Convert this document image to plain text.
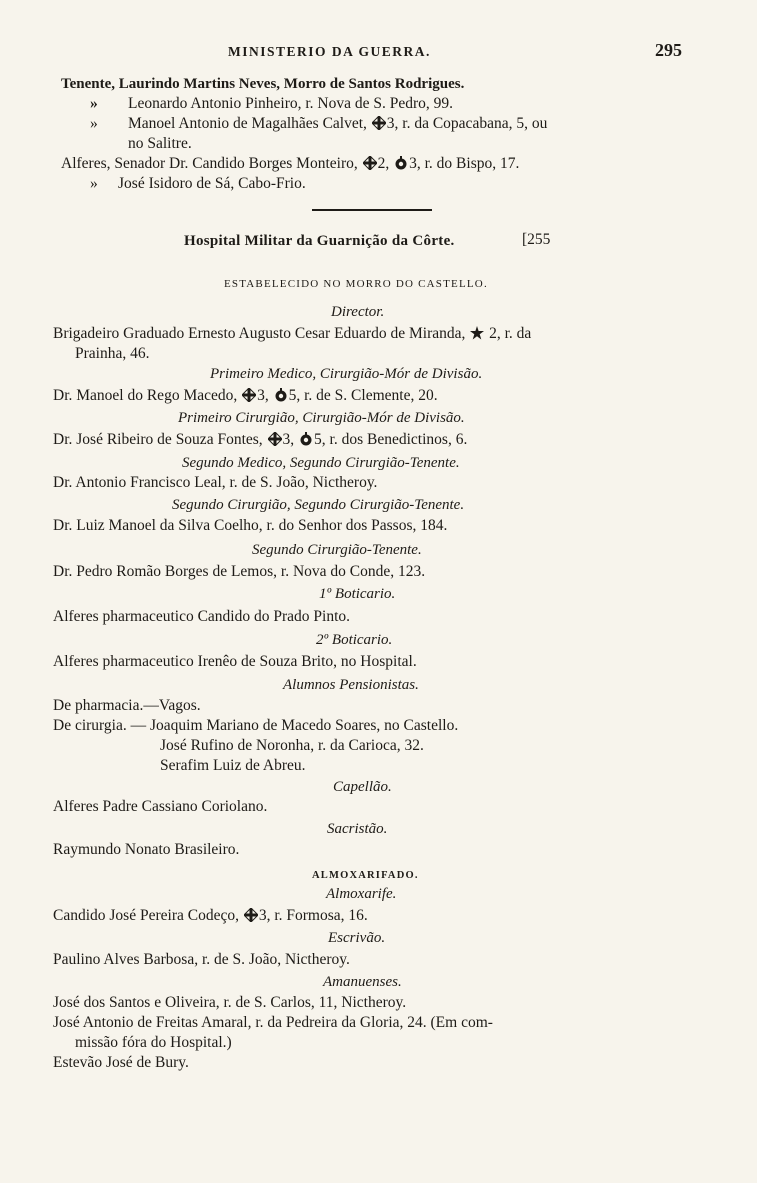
MINISTERIO DA GUERRA.	295
Tenente, Laurindo Martins Neves, Morro de Santos Rodrigues.
» Leonardo Antonio Pinheiro, r. Nova de S. Pedro, 99.
» Manoel Antonio de Magalhães Calvet, 3, r. da Copacabana, 5, ou
no Salitre.
Alferes, Senador Dr. Candido Borges Monteiro, 2, 3, r. do Bispo, 17.
» José Isidoro de Sá, Cabo-Frio.
Hospital Militar da Guarnição da Côrte.	[255
ESTABELECIDO NO MORRO DO CASTELLO.
Director.
Brigadeiro Graduado Ernesto Augusto Cesar Eduardo de Miranda, 2, r. da
Prainha, 46.
Primeiro Medico, Cirurgião-Mór de Divisão.
Dr. Manoel do Rego Macedo, 3, 5, r. de S. Clemente, 20.
Primeiro Cirurgião, Cirurgião-Mór de Divisão.
Dr. José Ribeiro de Souza Fontes, 3, 5, r. dos Benedictinos, 6.
Segundo Medico, Segundo Cirurgião-Tenente.
Dr. Antonio Francisco Leal, r. de S. João, Nictheroy.
Segundo Cirurgião, Segundo Cirurgião-Tenente.
Dr. Luiz Manoel da Silva Coelho, r. do Senhor dos Passos, 184.
Segundo Cirurgião-Tenente.
Dr. Pedro Romão Borges de Lemos, r. Nova do Conde, 123.
1º Boticario.
Alferes pharmaceutico Candido do Prado Pinto.
2º Boticario.
Alferes pharmaceutico Irenêo de Souza Brito, no Hospital.
Alumnos Pensionistas.
De pharmacia.—Vagos.
De cirurgia. — Joaquim Mariano de Macedo Soares, no Castello.
José Rufino de Noronha, r. da Carioca, 32.
Serafim Luiz de Abreu.
Capellão.
Alferes Padre Cassiano Coriolano.
Sacristão.
Raymundo Nonato Brasileiro.
ALMOXARIFADO.
Almoxarife.
Candido José Pereira Codeço, 3, r. Formosa, 16.
Escrivão.
Paulino Alves Barbosa, r. de S. João, Nictheroy.
Amanuenses.
José dos Santos e Oliveira, r. de S. Carlos, 11, Nictheroy.
José Antonio de Freitas Amaral, r. da Pedreira da Gloria, 24. (Em com-
missão fóra do Hospital.)
Estevão José de Bury.
